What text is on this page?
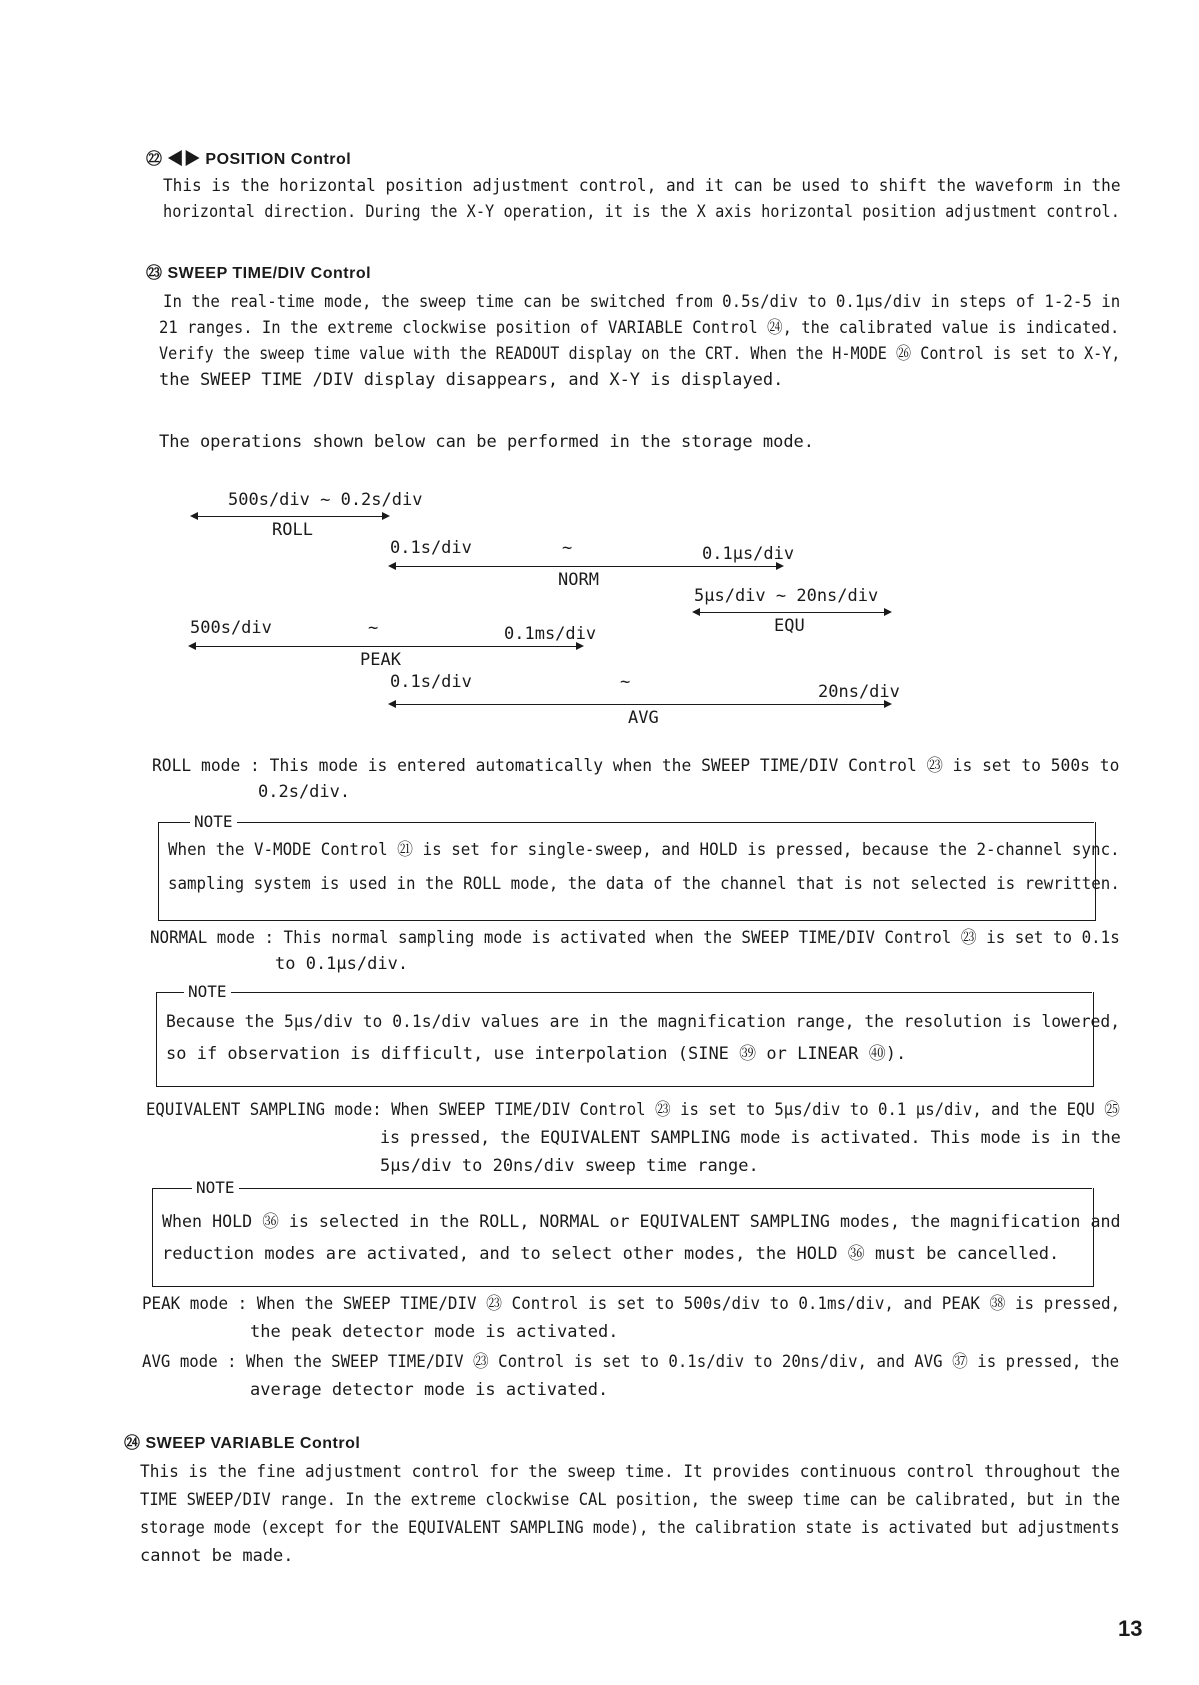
㉒ ◀▶ POSITION Control
This is the horizontal position adjustment control, and it can be used to shift the waveform in the
horizontal direction. During the X-Y operation, it is the X axis horizontal position adjustment control.
㉓ SWEEP TIME/DIV Control
In the real-time mode, the sweep time can be switched from 0.5s/div to 0.1μs/div in steps of 1-2-5 in
21 ranges. In the extreme clockwise position of VARIABLE Control ㉔, the calibrated value is indicated.
Verify the sweep time value with the READOUT display on the CRT. When the H-MODE ㉖ Control is set to X-Y,
the SWEEP TIME /DIV display disappears, and X-Y is displayed.
The operations shown below can be performed in the storage mode.
500s/div ~ 0.2s/div
ROLL
0.1s/div	~	0.1μs/div
NORM
5μs/div ~ 20ns/div
EQU
500s/div	~	0.1ms/div
PEAK
0.1s/div	~	20ns/div
AVG
ROLL mode : This mode is entered automatically when the SWEEP TIME/DIV Control ㉓ is set to 500s to
0.2s/div.
NOTE
When the V-MODE Control ㉑ is set for single-sweep, and HOLD is pressed, because the 2-channel sync.
sampling system is used in the ROLL mode, the data of the channel that is not selected is rewritten.
NORMAL mode : This normal sampling mode is activated when the SWEEP TIME/DIV Control ㉓ is set to 0.1s
to 0.1μs/div.
NOTE
Because the 5μs/div to 0.1s/div values are in the magnification range, the resolution is lowered,
so if observation is difficult, use interpolation (SINE ㊴ or LINEAR ㊵).
EQUIVALENT SAMPLING mode: When SWEEP TIME/DIV Control ㉓ is set to 5μs/div to 0.1 μs/div, and the EQU ㉕
is pressed, the EQUIVALENT SAMPLING mode is activated. This mode is in the
5μs/div to 20ns/div sweep time range.
NOTE
When HOLD ㊱ is selected in the ROLL, NORMAL or EQUIVALENT SAMPLING modes, the magnification and
reduction modes are activated, and to select other modes, the HOLD ㊱ must be cancelled.
PEAK mode : When the SWEEP TIME/DIV ㉓ Control is set to 500s/div to 0.1ms/div, and PEAK ㊳ is pressed,
the peak detector mode is activated.
AVG mode : When the SWEEP TIME/DIV ㉓ Control is set to 0.1s/div to 20ns/div, and AVG ㊲ is pressed, the
average detector mode is activated.
㉔ SWEEP VARIABLE Control
This is the fine adjustment control for the sweep time. It provides continuous control throughout the
TIME SWEEP/DIV range. In the extreme clockwise CAL position, the sweep time can be calibrated, but in the
storage mode (except for the EQUIVALENT SAMPLING mode), the calibration state is activated but adjustments
cannot be made.
13
